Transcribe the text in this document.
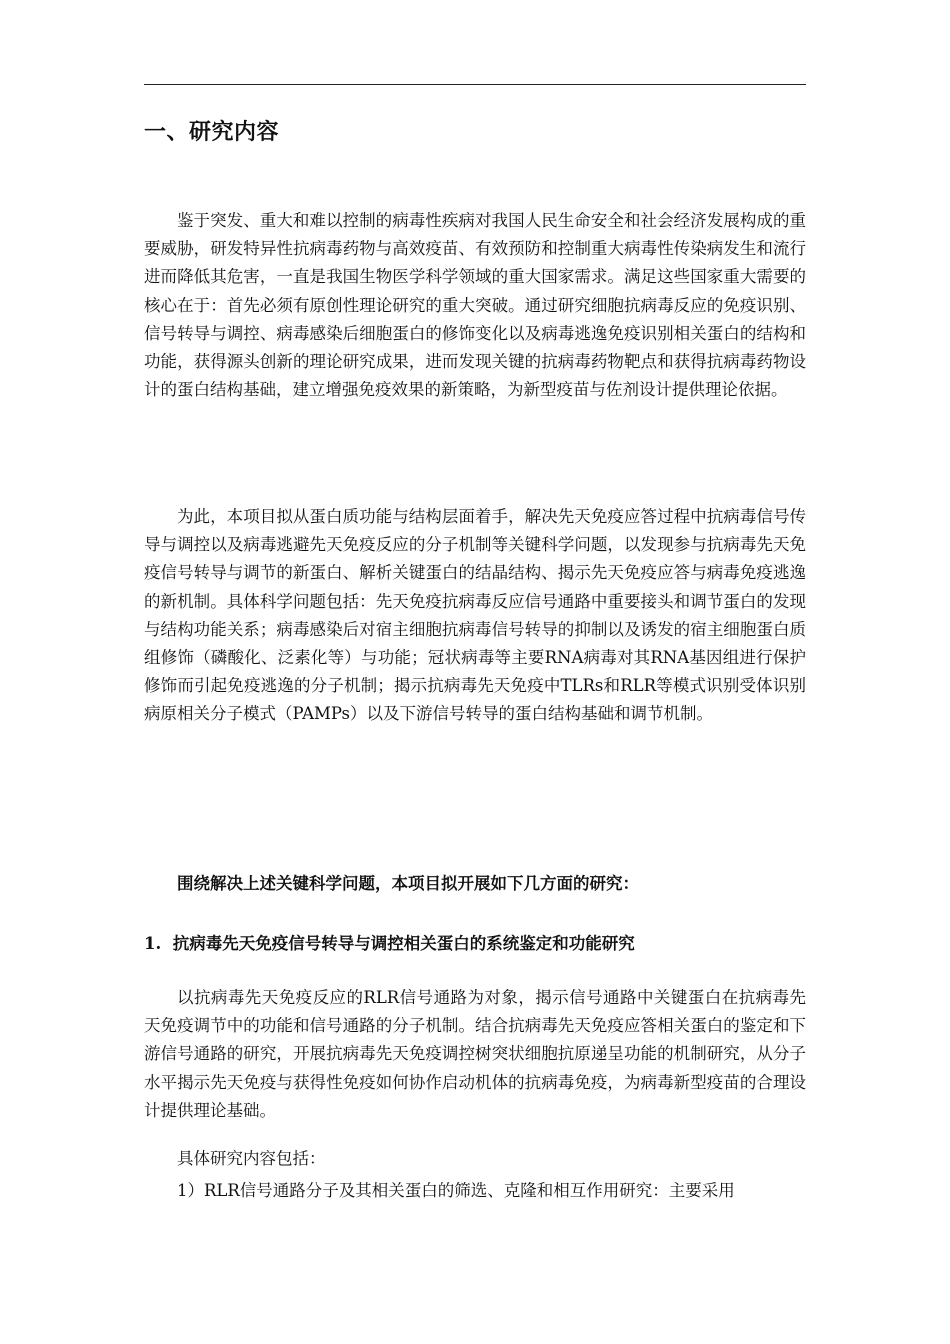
一、研究内容

鉴于突发、重大和难以控制的病毒性疾病对我国人民生命安全和社会经济发展构成的重要威胁，研发特异性抗病毒药物与高效疫苗、有效预防和控制重大病毒性传染病发生和流行进而降低其危害，一直是我国生物医学科学领域的重大国家需求。满足这些国家重大需要的核心在于：首先必须有原创性理论研究的重大突破。通过研究细胞抗病毒反应的免疫识别、信号转导与调控、病毒感染后细胞蛋白的修饰变化以及病毒逃逸免疫识别相关蛋白的结构和功能，获得源头创新的理论研究成果，进而发现关键的抗病毒药物靶点和获得抗病毒药物设计的蛋白结构基础，建立增强免疫效果的新策略，为新型疫苗与佐剂设计提供理论依据。

为此，本项目拟从蛋白质功能与结构层面着手，解决先天免疫应答过程中抗病毒信号传导与调控以及病毒逃避先天免疫反应的分子机制等关键科学问题，以发现参与抗病毒先天免疫信号转导与调节的新蛋白、解析关键蛋白的结晶结构、揭示先天免疫应答与病毒免疫逃逸的新机制。具体科学问题包括：先天免疫抗病毒反应信号通路中重要接头和调节蛋白的发现与结构功能关系；病毒感染后对宿主细胞抗病毒信号转导的抑制以及诱发的宿主细胞蛋白质组修饰（磷酸化、泛素化等）与功能；冠状病毒等主要RNA病毒对其RNA基因组进行保护修饰而引起免疫逃逸的分子机制；揭示抗病毒先天免疫中TLRs和RLR等模式识别受体识别病原相关分子模式（PAMPs）以及下游信号转导的蛋白结构基础和调节机制。

围绕解决上述关键科学问题，本项目拟开展如下几方面的研究：

1.  抗病毒先天免疫信号转导与调控相关蛋白的系统鉴定和功能研究

以抗病毒先天免疫反应的RLR信号通路为对象，揭示信号通路中关键蛋白在抗病毒先天免疫调节中的功能和信号通路的分子机制。结合抗病毒先天免疫应答相关蛋白的鉴定和下游信号通路的研究，开展抗病毒先天免疫调控树突状细胞抗原递呈功能的机制研究，从分子水平揭示先天免疫与获得性免疫如何协作启动机体的抗病毒免疫，为病毒新型疫苗的合理设计提供理论基础。

具体研究内容包括：

1）RLR信号通路分子及其相关蛋白的筛选、克隆和相互作用研究：主要采用
